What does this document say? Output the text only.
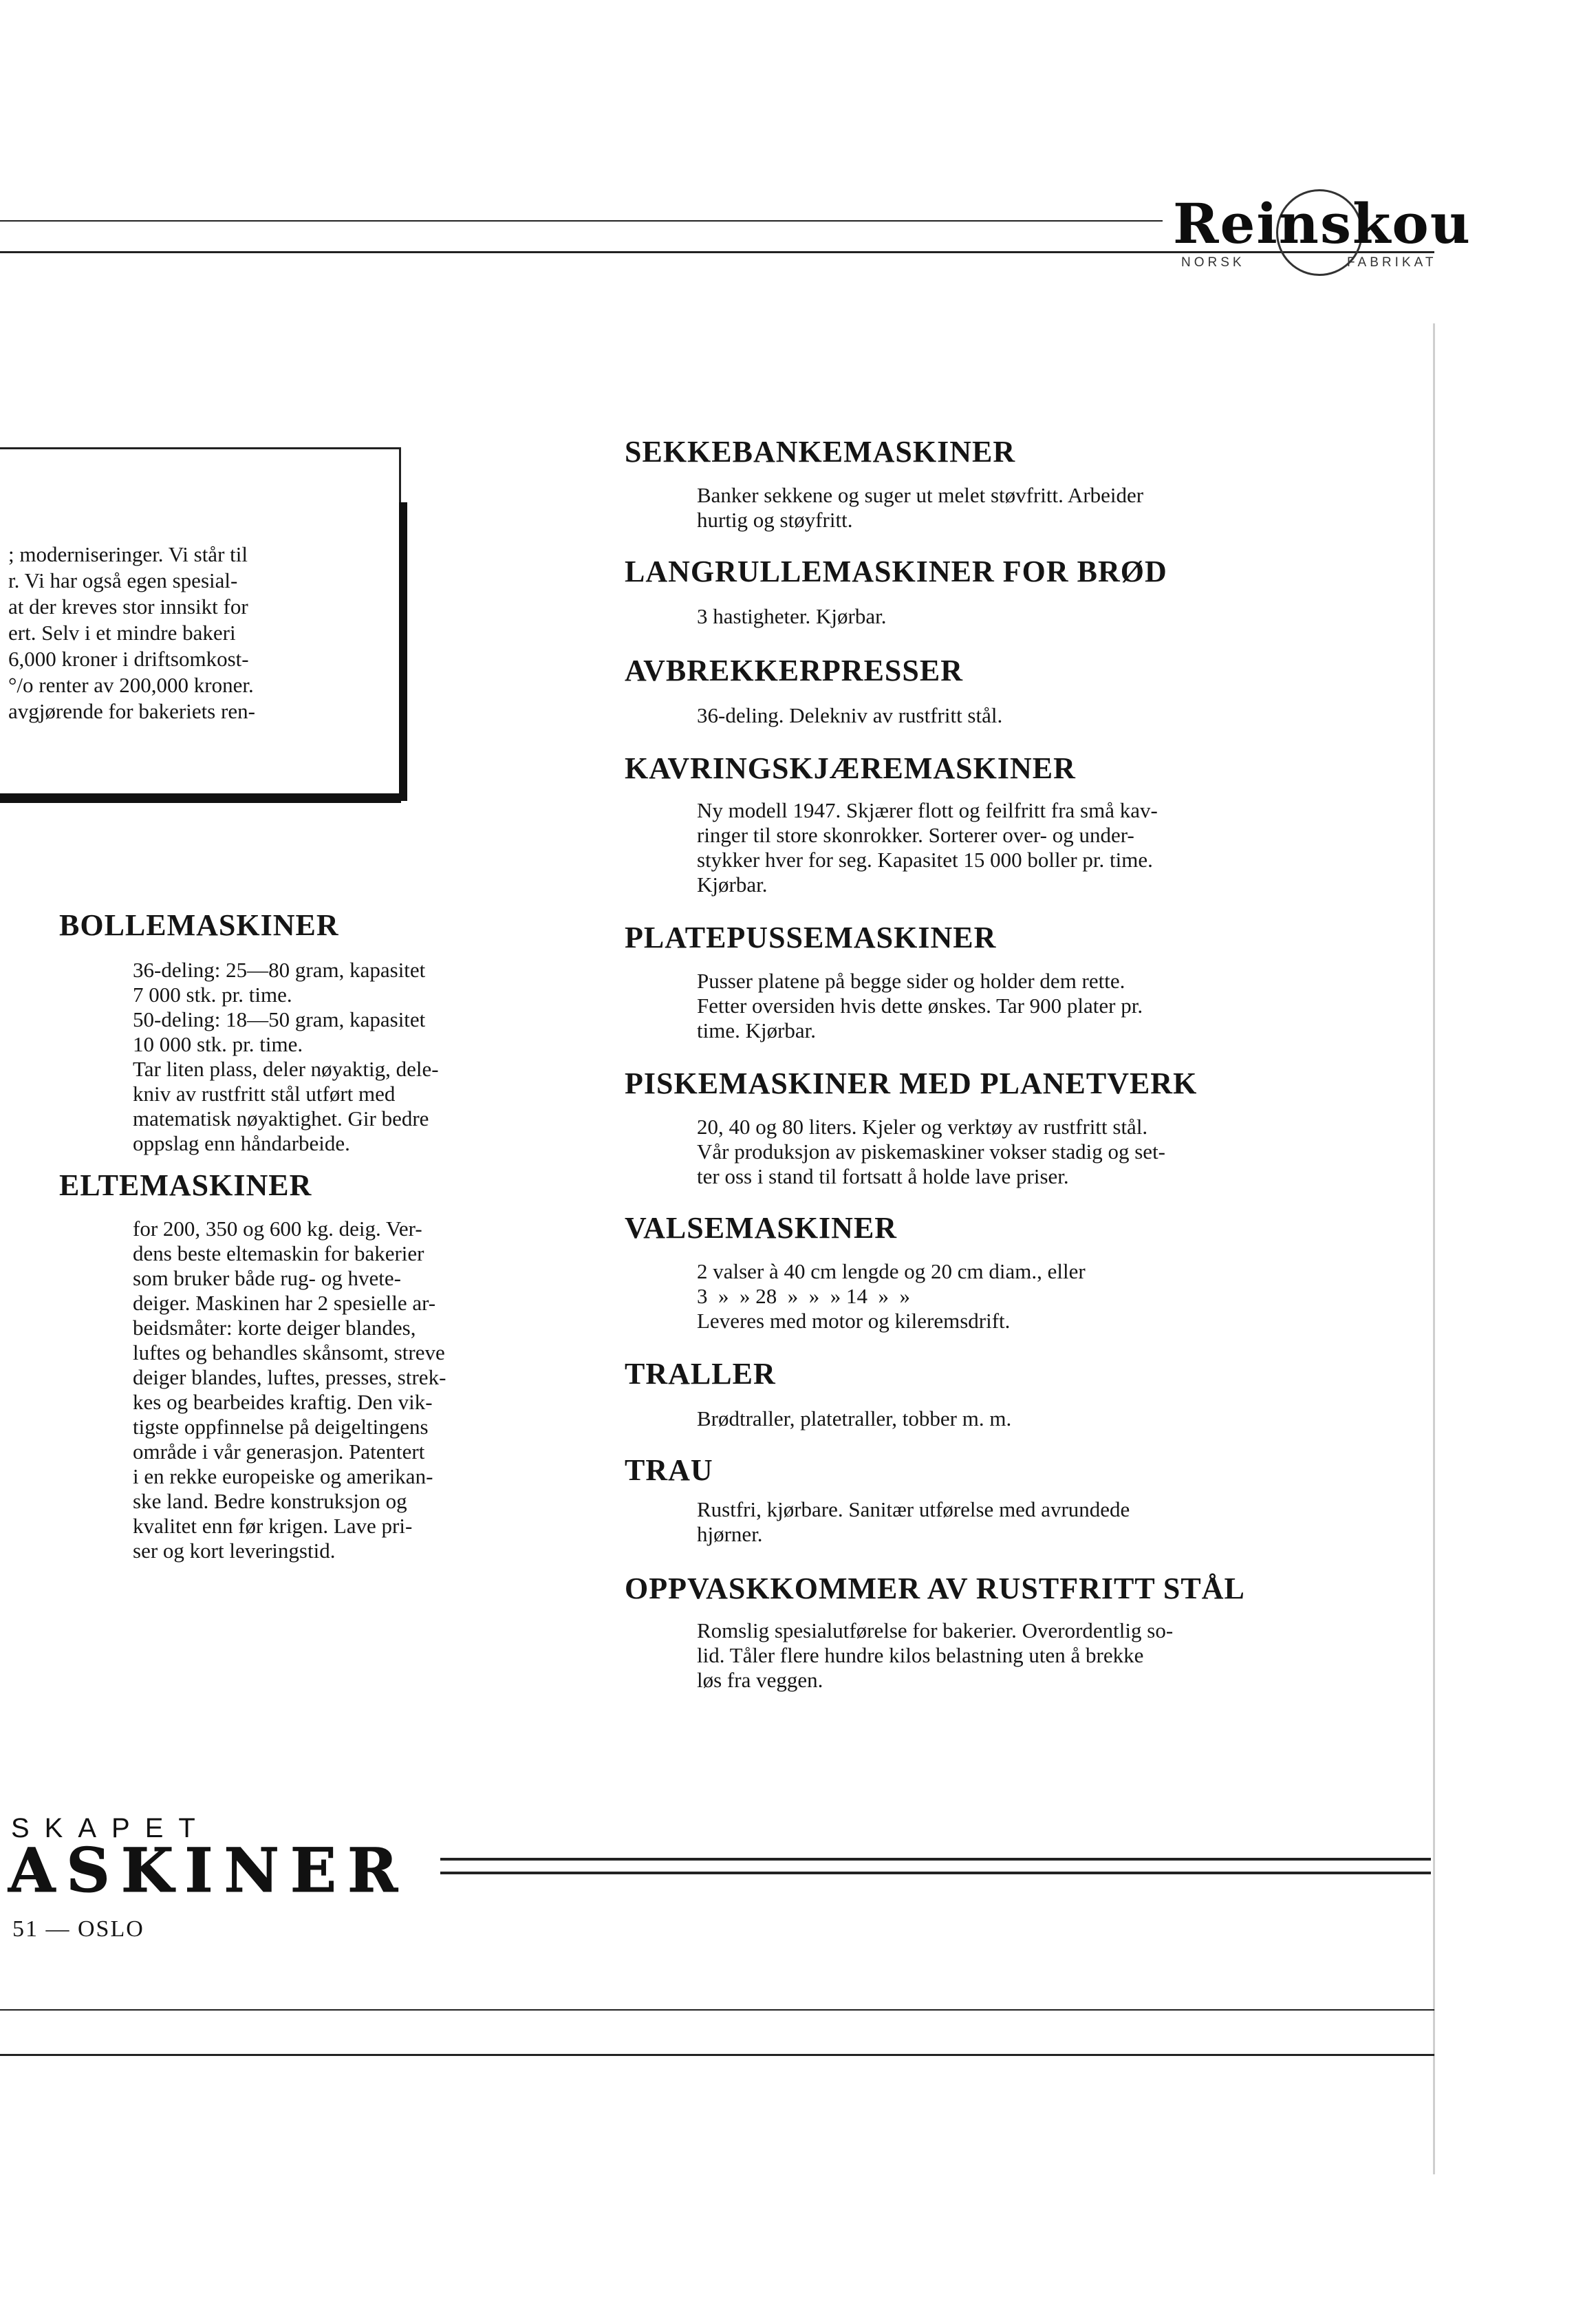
Reinskou
NORSK	FABRIKAT

; moderniseringer. Vi står til

r. Vi har også egen spesial-

at der kreves stor innsikt for

ert. Selv i et mindre bakeri

6,000 kroner i driftsomkost-

°/o renter av 200,000 kroner.

avgjørende for bakeriets ren-

BOLLEMASKINER
36-deling: 25—80 gram, kapasitet
7 000 stk. pr. time.
50-deling: 18—50 gram, kapasitet
10 000 stk. pr. time.
Tar liten plass, deler nøyaktig, dele-
kniv av rustfritt stål utført med
matematisk nøyaktighet. Gir bedre
oppslag enn håndarbeide.
ELTEMASKINER
for 200, 350 og 600 kg. deig. Ver-
dens beste eltemaskin for bakerier
som bruker både rug- og hvete-
deiger. Maskinen har 2 spesielle ar-
beidsmåter: korte deiger blandes,
luftes og behandles skånsomt, streve
deiger blandes, luftes, presses, strek-
kes og bearbeides kraftig. Den vik-
tigste oppfinnelse på deigeltingens
område i vår generasjon. Patentert
i en rekke europeiske og amerikan-
ske land. Bedre konstruksjon og
kvalitet enn før krigen. Lave pri-
ser og kort leveringstid.
SEKKEBANKEMASKINER
Banker sekkene og suger ut melet støvfritt. Arbeider
hurtig og støyfritt.
LANGRULLEMASKINER FOR BRØD
3 hastigheter. Kjørbar.
AVBREKKERPRESSER
36-deling. Delekniv av rustfritt stål.
KAVRINGSKJÆREMASKINER
Ny modell 1947. Skjærer flott og feilfritt fra små kav-
ringer til store skonrokker. Sorterer over- og under-
stykker hver for seg. Kapasitet 15 000 boller pr. time.
Kjørbar.
PLATEPUSSEMASKINER
Pusser platene på begge sider og holder dem rette.
Fetter oversiden hvis dette ønskes. Tar 900 plater pr.
time. Kjørbar.
PISKEMASKINER MED PLANETVERK
20, 40 og 80 liters. Kjeler og verktøy av rustfritt stål.
Vår produksjon av piskemaskiner vokser stadig og set-
ter oss i stand til fortsatt å holde lave priser.
VALSEMASKINER
2 valser à 40 cm lengde og 20 cm diam., eller
3  »  » 28  »  »  » 14  »  »
Leveres med motor og kileremsdrift.
TRALLER
Brødtraller, platetraller, tobber m. m.
TRAU
Rustfri, kjørbare. Sanitær utførelse med avrundede
hjørner.
OPPVASKKOMMER AV RUSTFRITT STÅL
Romslig spesialutførelse for bakerier. Overordentlig so-
lid. Tåler flere hundre kilos belastning uten å brekke
løs fra veggen.
SKAPET
ASKINER
51 — OSLO
